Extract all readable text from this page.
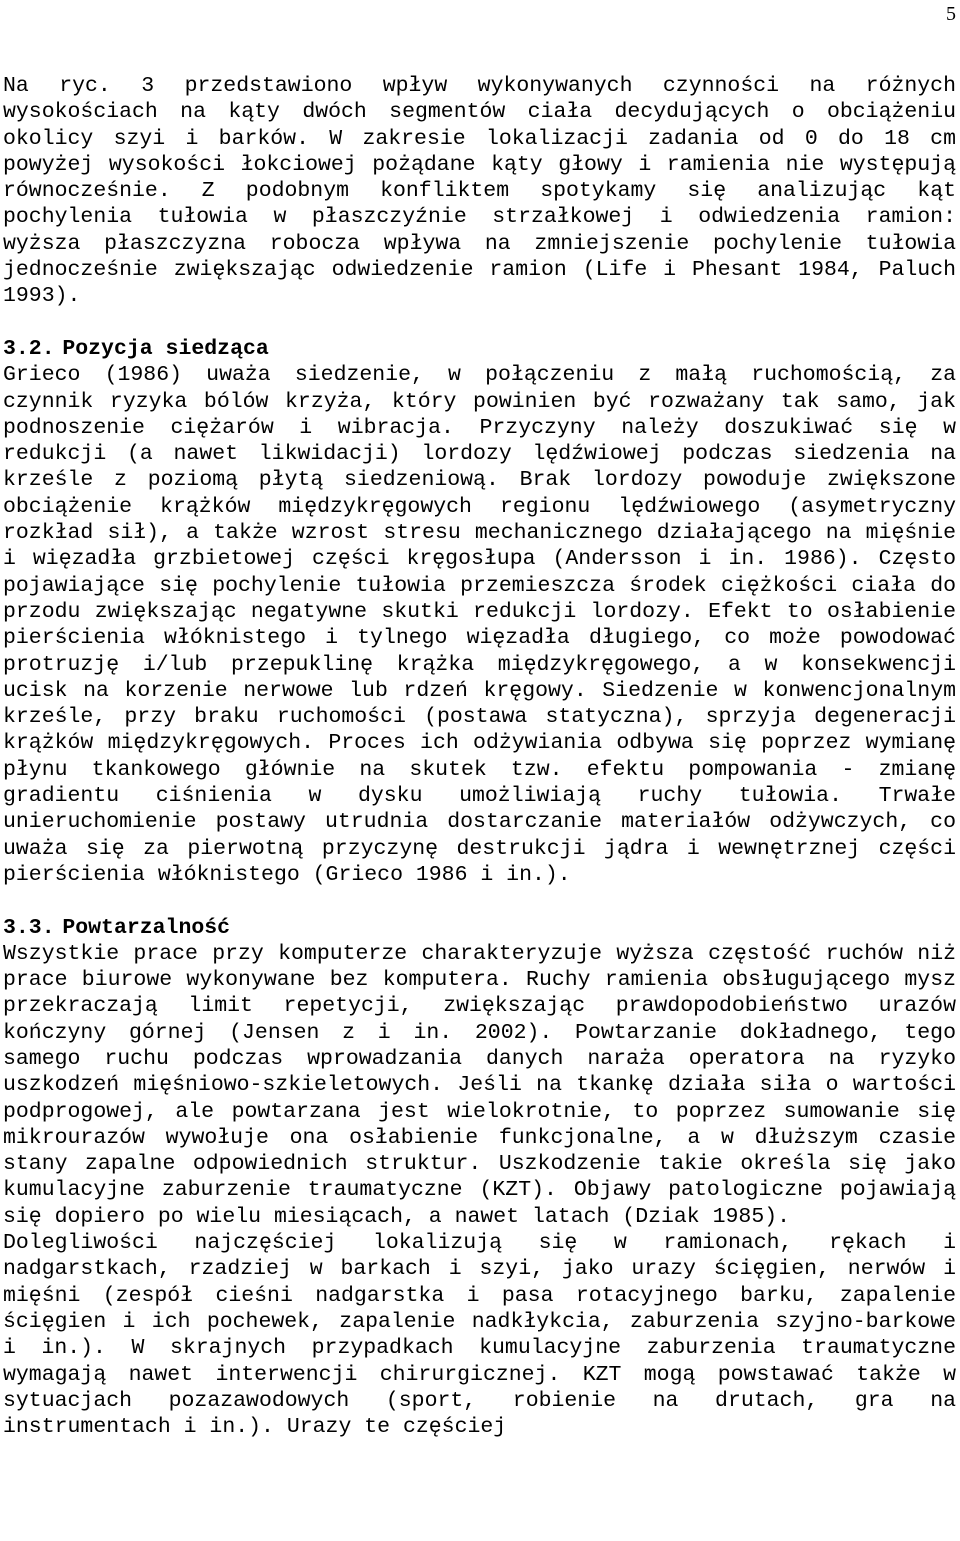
5

Na ryc. 3 przedstawiono wpływ wykonywanych czynności na różnych wysokościach na kąty dwóch segmentów ciała decydujących o obciążeniu okolicy szyi i barków. W zakresie lokalizacji zadania od 0 do 18 cm powyżej wysokości łokciowej pożądane kąty głowy i ramienia nie występują równocześnie. Z podobnym konfliktem spotykamy się analizując kąt pochylenia tułowia w płaszczyźnie strzałkowej i odwiedzenia ramion: wyższa płaszczyzna robocza wpływa na zmniejszenie pochylenie tułowia jednocześnie zwiększając odwiedzenie ramion (Life i Phesant 1984, Paluch 1993).

3.2. Pozycja siedząca

Grieco (1986) uważa siedzenie, w połączeniu z małą ruchomością, za czynnik ryzyka bólów krzyża, który powinien być rozważany tak samo, jak podnoszenie ciężarów i wibracja. Przyczyny należy doszukiwać się w redukcji (a nawet likwidacji) lordozy lędźwiowej podczas siedzenia na krześle z poziomą płytą siedzeniową. Brak lordozy powoduje zwiększone obciążenie krążków międzykręgowych regionu lędźwiowego (asymetryczny rozkład sił), a także wzrost stresu mechanicznego działającego na mięśnie i więzadła grzbietowej części kręgosłupa (Andersson i in. 1986). Często pojawiające się pochylenie tułowia przemieszcza środek ciężkości ciała do przodu zwiększając negatywne skutki redukcji lordozy. Efekt to osłabienie pierścienia włóknistego i tylnego więzadła długiego, co może powodować protruzję i/lub przepuklinę krążka międzykręgowego, a w konsekwencji ucisk na korzenie nerwowe lub rdzeń kręgowy. Siedzenie w konwencjonalnym krześle, przy braku ruchomości (postawa statyczna), sprzyja degeneracji krążków międzykręgowych. Proces ich odżywiania odbywa się poprzez wymianę płynu tkankowego głównie na skutek tzw. efektu pompowania - zmianę gradientu ciśnienia w dysku umożliwiają ruchy tułowia. Trwałe unieruchomienie postawy utrudnia dostarczanie materiałów odżywczych, co uważa się za pierwotną przyczynę destrukcji jądra i wewnętrznej części pierścienia włóknistego (Grieco 1986 i in.).

3.3. Powtarzalność

Wszystkie prace przy komputerze charakteryzuje wyższa częstość ruchów niż prace biurowe wykonywane bez komputera. Ruchy ramienia obsługującego mysz przekraczają limit repetycji, zwiększając prawdopodobieństwo urazów kończyny górnej (Jensen z i in. 2002). Powtarzanie dokładnego, tego samego ruchu podczas wprowadzania danych naraża operatora na ryzyko uszkodzeń mięśniowo-szkieletowych. Jeśli na tkankę działa siła o wartości podprogowej, ale powtarzana jest wielokrotnie, to poprzez sumowanie się mikrourazów wywołuje ona osłabienie funkcjonalne, a w dłuższym czasie stany zapalne odpowiednich struktur. Uszkodzenie takie określa się jako kumulacyjne zaburzenie traumatyczne (KZT). Objawy patologiczne pojawiają się dopiero po wielu miesiącach, a nawet latach (Dziak 1985).

Dolegliwości najczęściej lokalizują się w ramionach, rękach i nadgarstkach, rzadziej w barkach i szyi, jako urazy ścięgien, nerwów i mięśni (zespół cieśni nadgarstka i pasa rotacyjnego barku, zapalenie ścięgien i ich pochewek, zapalenie nadkłykcia, zaburzenia szyjno-barkowe i in.). W skrajnych przypadkach kumulacyjne zaburzenia traumatyczne wymagają nawet interwencji chirurgicznej. KZT mogą powstawać także w sytuacjach pozazawodowych (sport, robienie na drutach, gra na instrumentach i in.). Urazy te częściej
